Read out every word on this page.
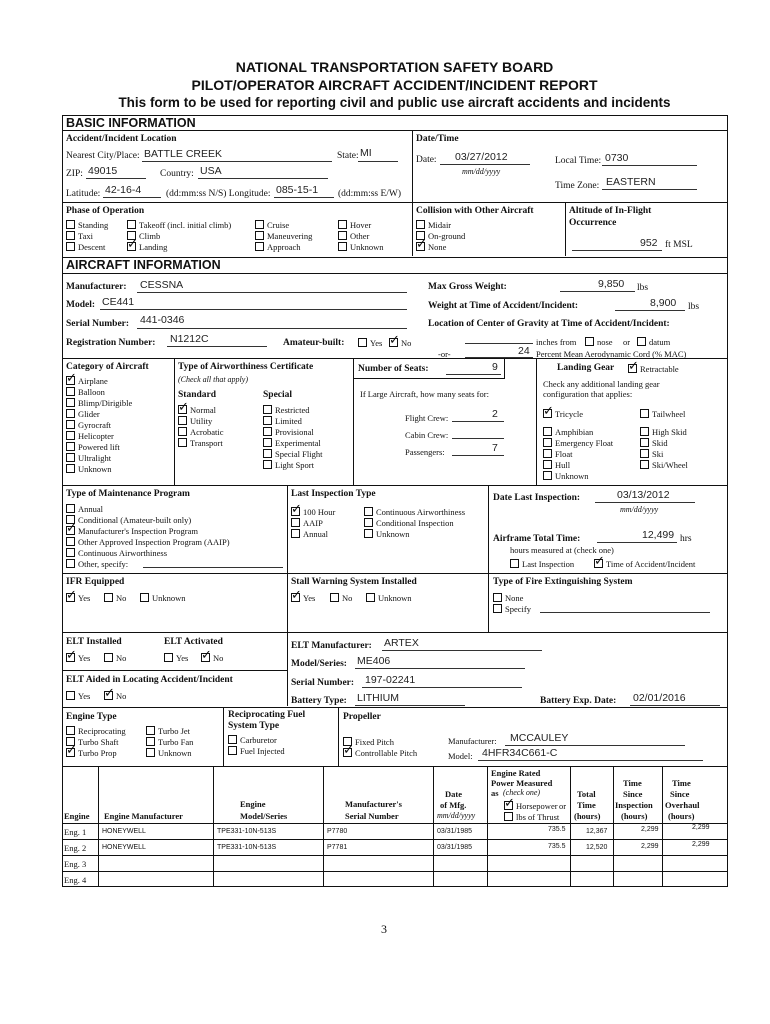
NATIONAL TRANSPORTATION SAFETY BOARD
PILOT/OPERATOR AIRCRAFT ACCIDENT/INCIDENT REPORT
This form to be used for reporting civil and public use aircraft accidents and incidents
BASIC INFORMATION
Accident/Incident Location
Nearest City/Place: BATTLE CREEK	State: MI
ZIP: 49015	Country: USA
Latitude: 42-16-4	(dd:mm:ss N/S) Longitude: 085-15-1 (dd:mm:ss E/W)
Date/Time
Date: 03/27/2012
mm/dd/yyyy
Local Time: 0730
Time Zone: EASTERN
Phase of Operation
Standing
Taxi
Descent
Takeoff (incl. initial climb)
Climb
✓Landing
Cruise
Maneuvering
Approach
Hover
Other
Unknown
Collision with Other Aircraft
Midair
On-ground
✓None
Altitude of In-Flight
Occurrence
952 ft MSL
AIRCRAFT INFORMATION
Manufacturer: CESSNA
Model: CE441
Serial Number: 441-0346
Registration Number: N1212C	Amateur-built:	Yes ✓	No
Max Gross Weight:	9,850 lbs
Weight at Time of Accident/Incident:	8,900 lbs
Location of Center of Gravity at Time of Accident/Incident:
inches from	nose or	datum
-or-	24 Percent Mean Aerodynamic Cord (% MAC)
Category of Aircraft
✓Airplane
Balloon
Blimp/Dirigible
Glider
Gyrocraft
Helicopter
Powered lift
Ultralight
Unknown
Type of Airworthiness Certificate
(Check all that apply)
Standard	Special
✓Normal
Utility
Acrobatic
Transport
Restricted
Limited
Provisional
Experimental
Special Flight
Light Sport
Number of Seats:	9
If Large Aircraft, how many seats for:
Flight Crew:	2
Cabin Crew:
Passengers:	7
Landing Gear ✓	Retractable
Check any additional landing gear
configuration that applies:
✓Tricycle
Amphibian
Emergency Float
Float
Hull
Unknown
Tailwheel
High Skid
Skid
Ski
Ski/Wheel
Type of Maintenance Program
Annual
Conditional (Amateur-built only)
✓Manufacturer's Inspection Program
Other Approved Inspection Program (AAIP)
Continuous Airworthiness
Other, specify:
Last Inspection Type
✓100 Hour
AAIP
Annual
Continuous Airworthiness
Conditional Inspection
Unknown
Date Last Inspection:	03/13/2012
mm/dd/yyyy
Airframe Total Time:	12,499 hrs
hours measured at (check one)
Last Inspection ✓	Time of Accident/Incident
IFR Equipped
✓Yes	No	Unknown
Stall Warning System Installed
✓Yes	No	Unknown
Type of Fire Extinguishing System
None
Specify
ELT Installed
✓Yes	No
ELT Activated
Yes ✓	No
ELT Aided in Locating Accident/Incident
Yes ✓	No
ELT Manufacturer: ARTEX
Model/Series: ME406
Serial Number: 197-02241
Battery Type: LITHIUM	Battery Exp. Date: 02/01/2016
Engine Type
Reciprocating
Turbo Shaft
✓Turbo Prop
Turbo Jet
Turbo Fan
Unknown
Reciprocating Fuel
System Type
Carburetor
Fuel Injected
Propeller
Fixed Pitch
✓Controllable Pitch
Manufacturer: MCCAULEY
Model: 4HFR34C661-C
Engine Engine Manufacturer
Engine
Model/Series
Manufacturer's
Serial Number
Date
of Mfg.
mm/dd/yyyy
Engine Rated
Power Measured
as (check one)
✓Horsepower or
lbs of Thrust
Total
Time
(hours)
Time
Since
Inspection
(hours)
Time
Since
Overhaul
(hours)
Eng. 1 HONEYWELL	TPE331-10N-513S	P7780	03/31/1985	735.5	12,367	2,299	2,299
Eng. 2 HONEYWELL	TPE331-10N-513S	P7781	03/31/1985	735.5	12,520	2,299	2,299
Eng. 3
Eng. 4
3
